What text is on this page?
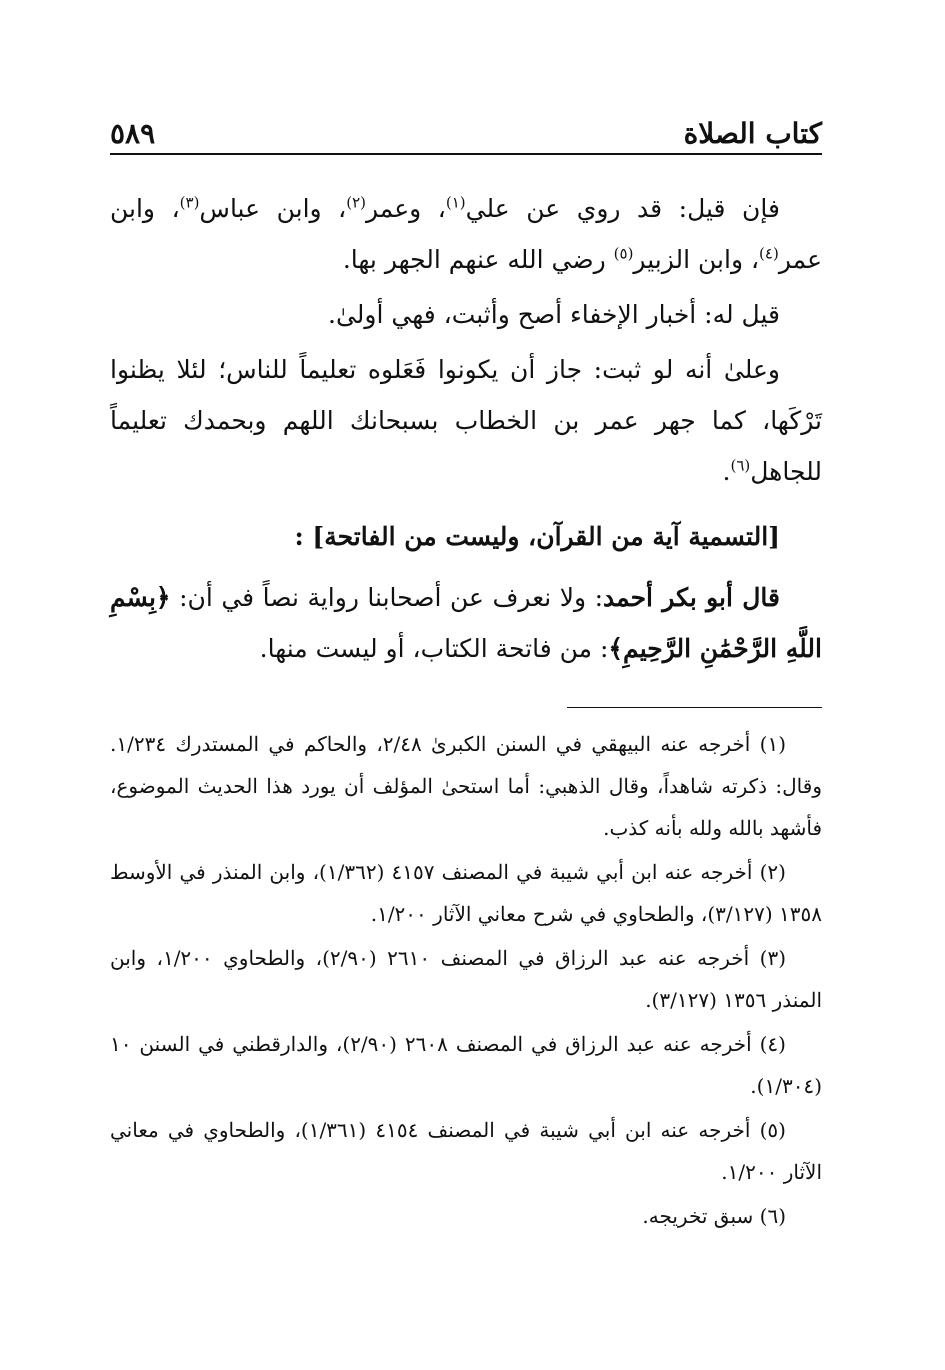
كتاب الصلاة
٥٨٩

فإن قيل: قد روي عن علي$^{(١)}$، وعمر$^{(٢)}$، وابن عباس$^{(٣)}$، وابن عمر$^{(٤)}$، وابن الزبير$^{(٥)}$ رضي الله عنهم الجهر بها.

قيل له: أخبار الإخفاء أصح وأثبت، فهي أولىٰ.

وعلىٰ أنه لو ثبت: جاز أن يكونوا فَعَلوه تعليماً للناس؛ لئلا يظنوا تَرْكَها، كما جهر عمر بن الخطاب بسبحانك اللهم وبحمدك تعليماً للجاهل$^{(٦)}$.

[التسمية آية من القرآن، وليست من الفاتحة] :

قال أبو بكر أحمد: ولا نعرف عن أصحابنا رواية نصاً في أن: ﴿بِسْمِ اللَّهِ الرَّحْمَٰنِ الرَّحِيمِ﴾: من فاتحة الكتاب، أو ليست منها.

(١) أخرجه عنه البيهقي في السنن الكبرىٰ ٢/٤٨، والحاكم في المستدرك ١/٢٣٤. وقال: ذكرته شاهداً، وقال الذهبي: أما استحىٰ المؤلف أن يورد هذا الحديث الموضوع، فأشهد بالله ولله بأنه كذب.

(٢) أخرجه عنه ابن أبي شيبة في المصنف ٤١٥٧ (١/٣٦٢)، وابن المنذر في الأوسط ١٣٥٨ (٣/١٢٧)، والطحاوي في شرح معاني الآثار ١/٢٠٠.

(٣) أخرجه عنه عبد الرزاق في المصنف ٢٦١٠ (٢/٩٠)، والطحاوي ١/٢٠٠، وابن المنذر ١٣٥٦ (٣/١٢٧).

(٤) أخرجه عنه عبد الرزاق في المصنف ٢٦٠٨ (٢/٩٠)، والدارقطني في السنن ١٠ (١/٣٠٤).

(٥) أخرجه عنه ابن أبي شيبة في المصنف ٤١٥٤ (١/٣٦١)، والطحاوي في معاني الآثار ١/٢٠٠.

(٦) سبق تخريجه.
